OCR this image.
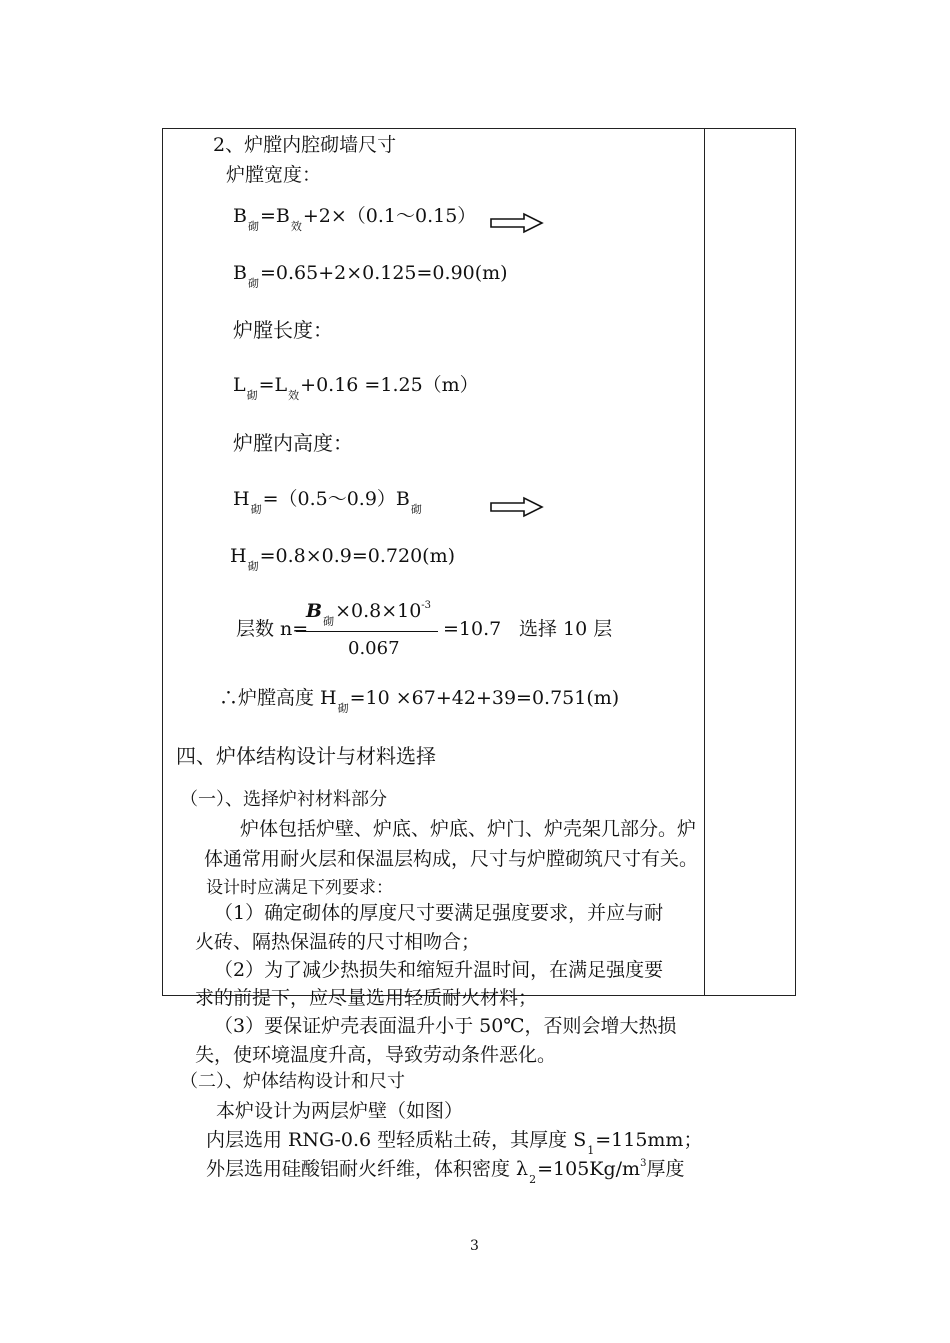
2、炉膛内腔砌墙尺寸
炉膛宽度：
$B_砌=B_效+2\times(0.1\sim 0.15)$
$B_砌=0.65+2\times 0.125=0.90(m)$
炉膛长度：
$L_砌=L_效+0.16 =1.25(m)$
炉膛内高度：
$H_砌=(0.5\sim 0.9)B_砌$
$H_砌=0.8\times 0.9=0.720(m)$
层数 n=
$B_砌\times 0.8\times 10^{-3}$
0.067
=10.7 选择 10 层
∴炉膛高度 $H_砌=10 \times 67+42+39=0.751(m)$
四、炉体结构设计与材料选择
（一）、选择炉衬材料部分
炉体包括炉壁、炉底、炉底、炉门、炉壳架几部分。炉
体通常用耐火层和保温层构成，尺寸与炉膛砌筑尺寸有关。
设计时应满足下列要求：
（1）确定砌体的厚度尺寸要满足强度要求，并应与耐
火砖、隔热保温砖的尺寸相吻合；
（2）为了减少热损失和缩短升温时间，在满足强度要
求的前提下，应尽量选用轻质耐火材料；
（3）要保证炉壳表面温升小于 50℃，否则会增大热损
失，使环境温度升高，导致劳动条件恶化。
（二）、炉体结构设计和尺寸
本炉设计为两层炉壁（如图）
内层选用 RNG-0.6 型轻质粘土砖，其厚度 $S_1=115mm$；
外层选用硅酸铝耐火纤维，体积密度 $\lambda_2=105Kg/m^3$厚度
3
